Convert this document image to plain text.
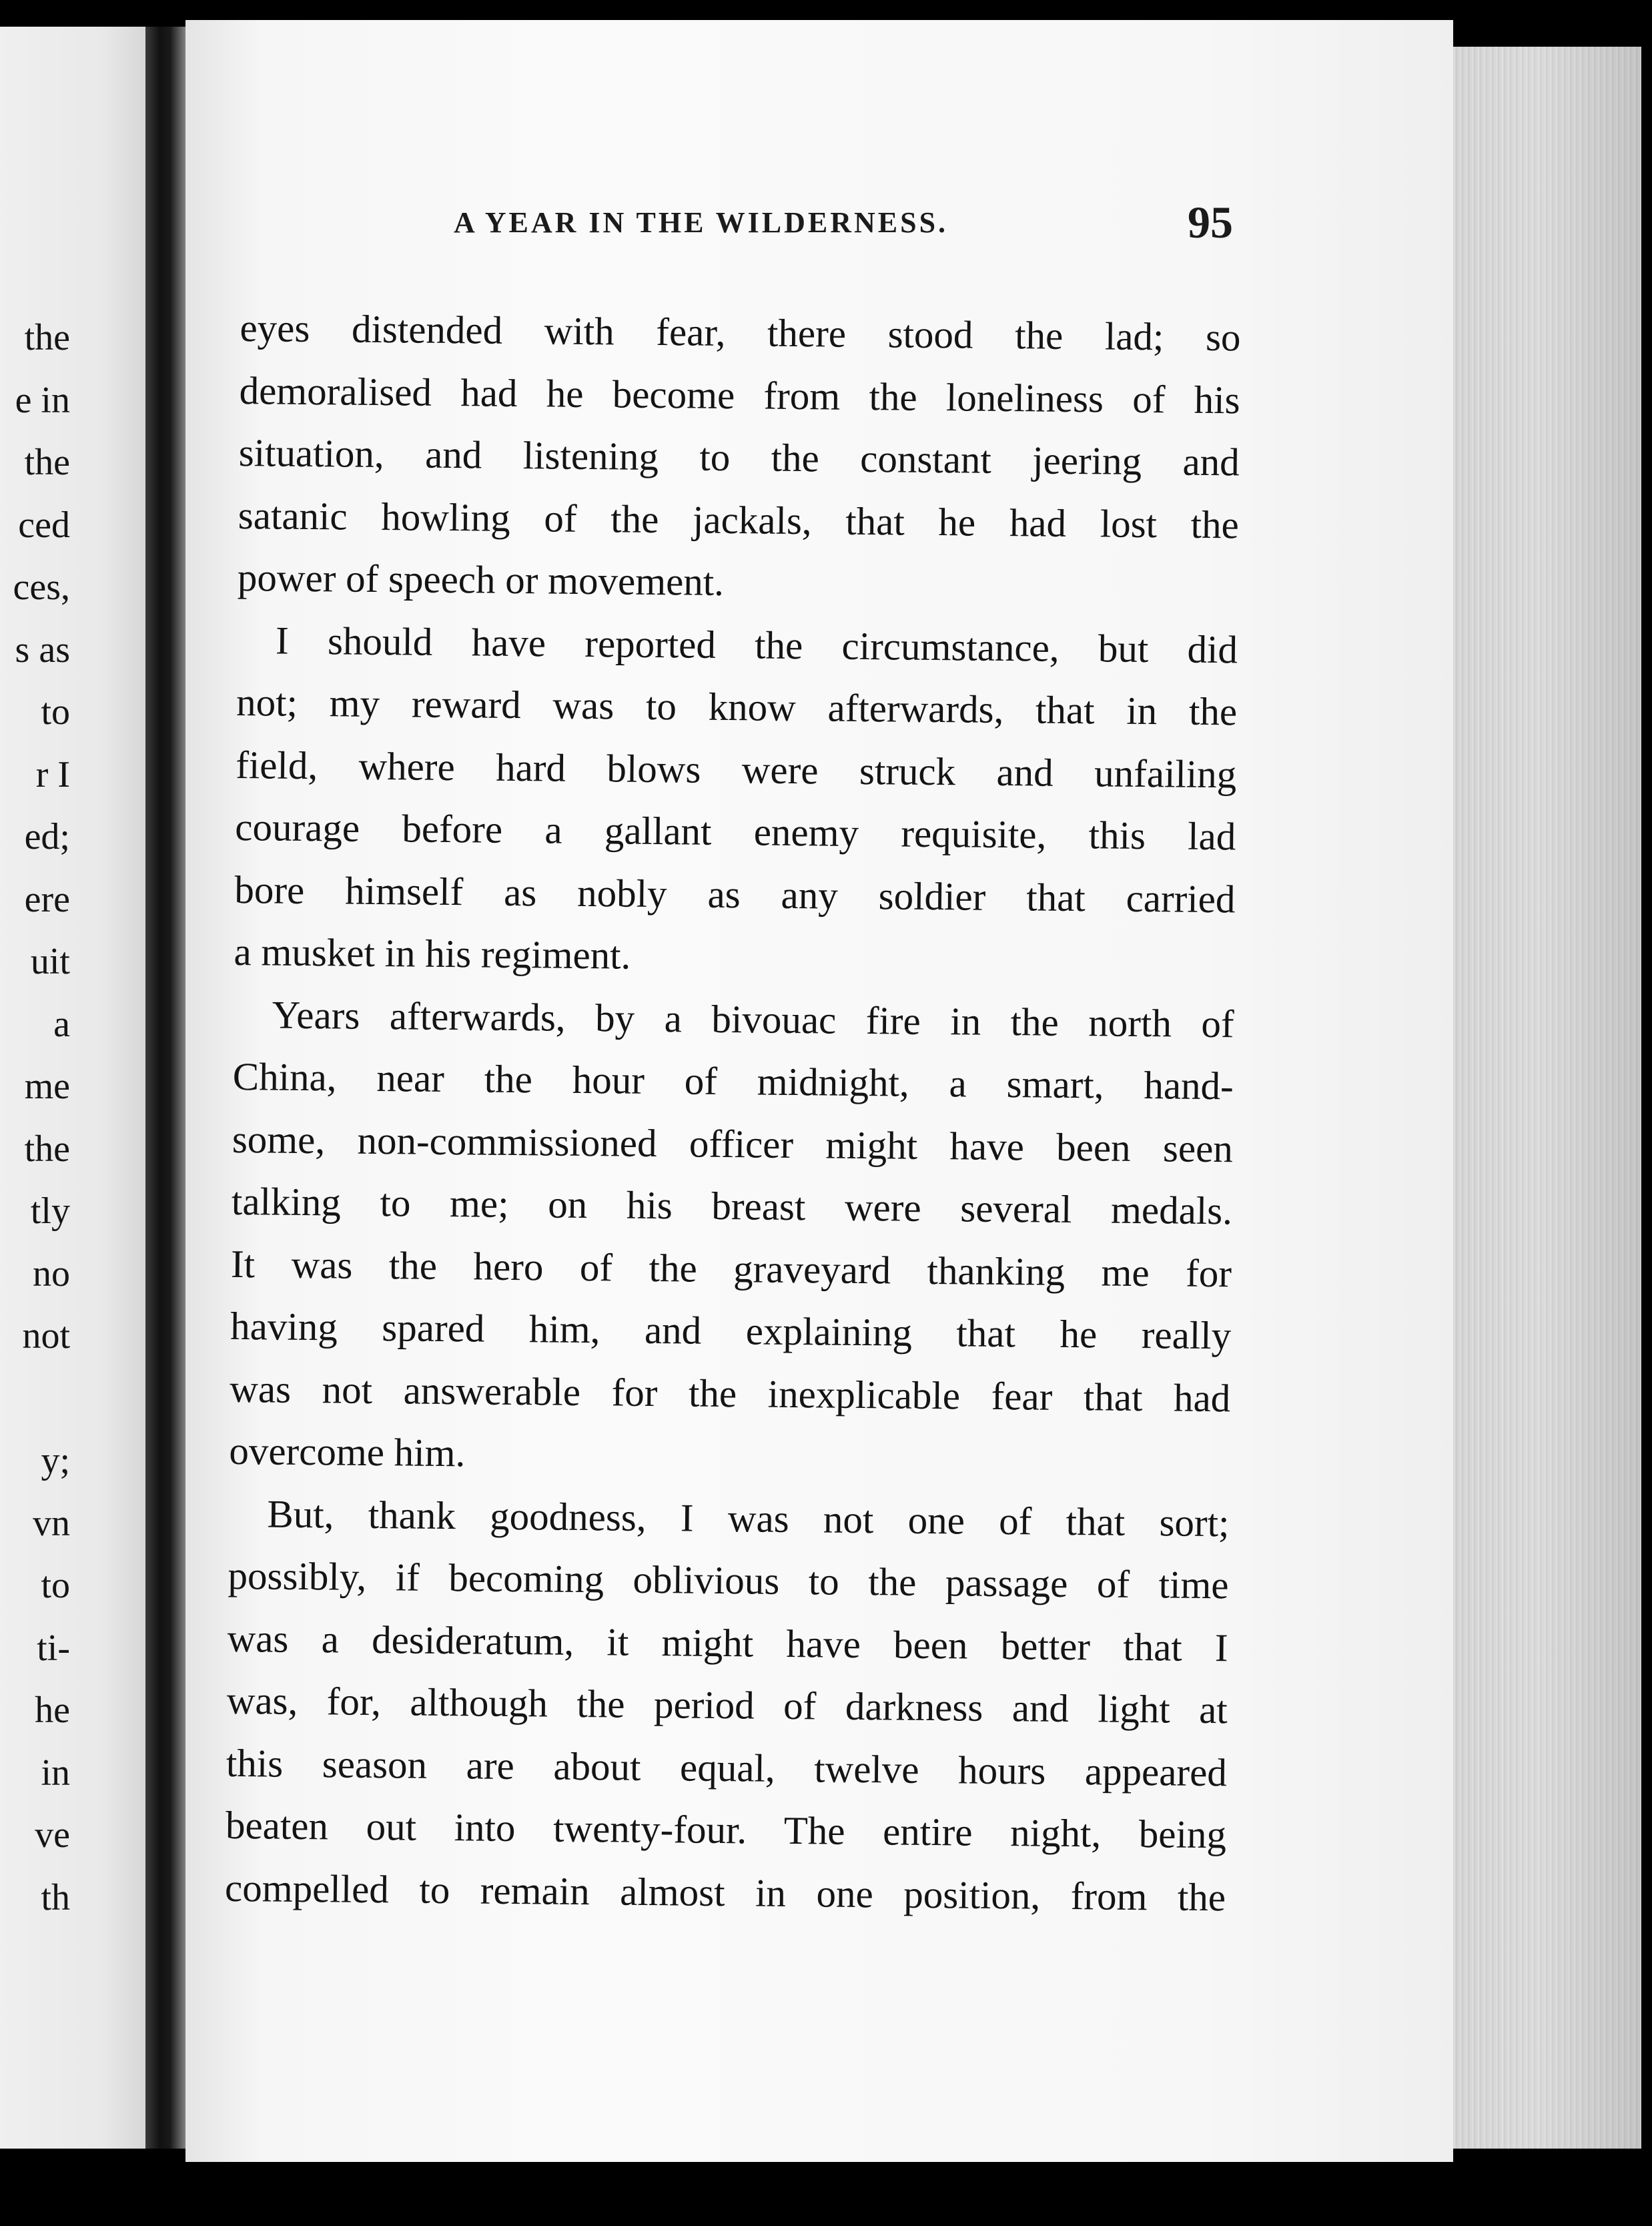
the
e in
the
ced
ces,
s as
to
r I
ed;
ere
uit
a
me
the
tly
no
not
y;
vn
to
ti-
he
in
ve
th
A YEAR IN THE WILDERNESS.	95
eyes distended with fear, there stood the lad; so
demoralised had he become from the loneliness of his
situation, and listening to the constant jeering and
satanic howling of the jackals, that he had lost the
power of speech or movement.
I should have reported the circumstance, but did
not; my reward was to know afterwards, that in the
field, where hard blows were struck and unfailing
courage before a gallant enemy requisite, this lad
bore himself as nobly as any soldier that carried
a musket in his regiment.
Years afterwards, by a bivouac fire in the north of
China, near the hour of midnight, a smart, hand-
some, non-commissioned officer might have been seen
talking to me; on his breast were several medals.
It was the hero of the graveyard thanking me for
having spared him, and explaining that he really
was not answerable for the inexplicable fear that had
overcome him.
But, thank goodness, I was not one of that sort;
possibly, if becoming oblivious to the passage of time
was a desideratum, it might have been better that I
was, for, although the period of darkness and light at
this season are about equal, twelve hours appeared
beaten out into twenty-four. The entire night, being
compelled to remain almost in one position, from the
